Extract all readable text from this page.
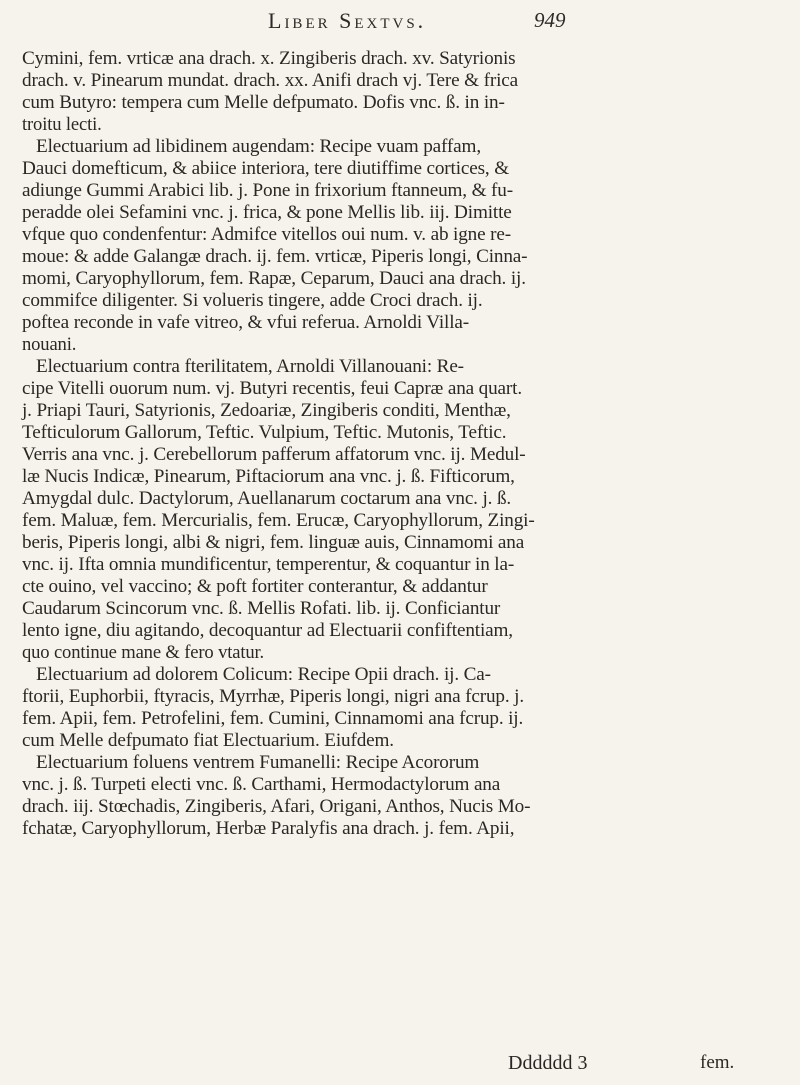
Liber Sextvs.	949
Cymini, fem. vrticæ ana drach. x. Zingiberis drach. xv. Satyrionis
drach. v. Pinearum mundat. drach. xx. Anifi drach vj. Tere & frica
cum Butyro: tempera cum Melle defpumato. Dofis vnc. ß. in in-
troitu lecti.
Electuarium ad libidinem augendam: Recipe vuam paffam,
Dauci domefticum, & abiice interiora, tere diutiffime cortices, &
adiunge Gummi Arabici lib. j. Pone in frixorium ftanneum, & fu-
peradde olei Sefamini vnc. j. frica, & pone Mellis lib. iij. Dimitte
vfque quo condenfentur: Admifce vitellos oui num. v. ab igne re-
moue: & adde Galangæ drach. ij. fem. vrticæ, Piperis longi, Cinna-
momi, Caryophyllorum, fem. Rapæ, Ceparum, Dauci ana drach. ij.
commifce diligenter. Si volueris tingere, adde Croci drach. ij.
poftea reconde in vafe vitreo, & vfui referua. Arnoldi Villa-
nouani.
Electuarium contra fterilitatem, Arnoldi Villanouani: Re-
cipe Vitelli ouorum num. vj. Butyri recentis, feui Capræ ana quart.
j. Priapi Tauri, Satyrionis, Zedoariæ, Zingiberis conditi, Menthæ,
Tefticulorum Gallorum, Teftic. Vulpium, Teftic. Mutonis, Teftic.
Verris ana vnc. j. Cerebellorum pafferum affatorum vnc. ij. Medul-
læ Nucis Indicæ, Pinearum, Piftaciorum ana vnc. j. ß. Fifticorum,
Amygdal dulc. Dactylorum, Auellanarum coctarum ana vnc. j. ß.
fem. Maluæ, fem. Mercurialis, fem. Erucæ, Caryophyllorum, Zingi-
beris, Piperis longi, albi & nigri, fem. linguæ auis, Cinnamomi ana
vnc. ij. Ifta omnia mundificentur, temperentur, & coquantur in la-
cte ouino, vel vaccino; & poft fortiter conterantur, & addantur
Caudarum Scincorum vnc. ß. Mellis Rofati. lib. ij. Conficiantur
lento igne, diu agitando, decoquantur ad Electuarii confiftentiam,
quo continue mane & fero vtatur.
Electuarium ad dolorem Colicum: Recipe Opii drach. ij. Ca-
ftorii, Euphorbii, ftyracis, Myrrhæ, Piperis longi, nigri ana fcrup. j.
fem. Apii, fem. Petrofelini, fem. Cumini, Cinnamomi ana fcrup. ij.
cum Melle defpumato fiat Electuarium. Eiufdem.
Electuarium foluens ventrem Fumanelli: Recipe Acororum
vnc. j. ß. Turpeti electi vnc. ß. Carthami, Hermodactylorum ana
drach. iij. Stœchadis, Zingiberis, Afari, Origani, Anthos, Nucis Mo-
fchatæ, Caryophyllorum, Herbæ Paralyfis ana drach. j. fem. Apii,
Dddddd 3	fem.
